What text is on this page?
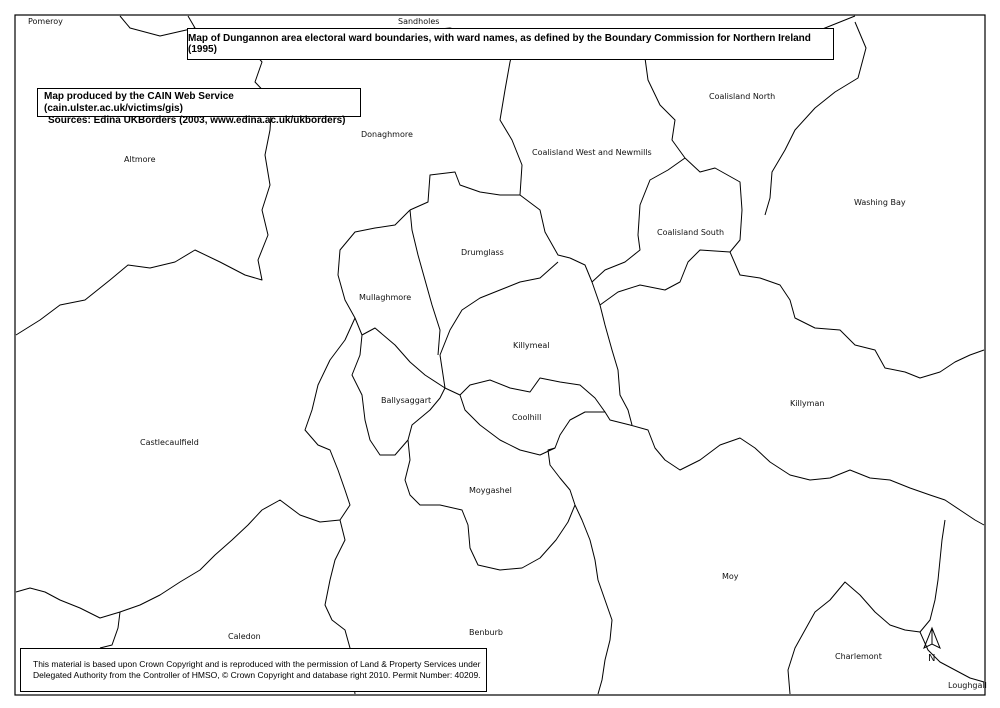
Pomeroy	Sandholes
Altmore
Donaghmore
Coalisland North
Coalisland West and Newmills
Washing Bay
Coalisland South
Drumglass
Mullaghmore
Killymeal
Ballysaggart
Coolhill
Killyman
Castlecaulfield
Moygashel
Moy
Caledon	Benburb
Charlemont
Loughgall
N
Map of Dungannon area electoral ward boundaries, with ward names, as defined by the Boundary Commission for Northern Ireland (1995)
Map produced by the CAIN Web Service (cain.ulster.ac.uk/victims/gis)
Sources: Edina UKBorders (2003, www.edina.ac.uk/ukborders)
This material is based upon Crown Copyright and is reproduced with the permission of Land & Property Services under
Delegated Authority from the Controller of HMSO, © Crown Copyright and database right 2010. Permit Number: 40209.
